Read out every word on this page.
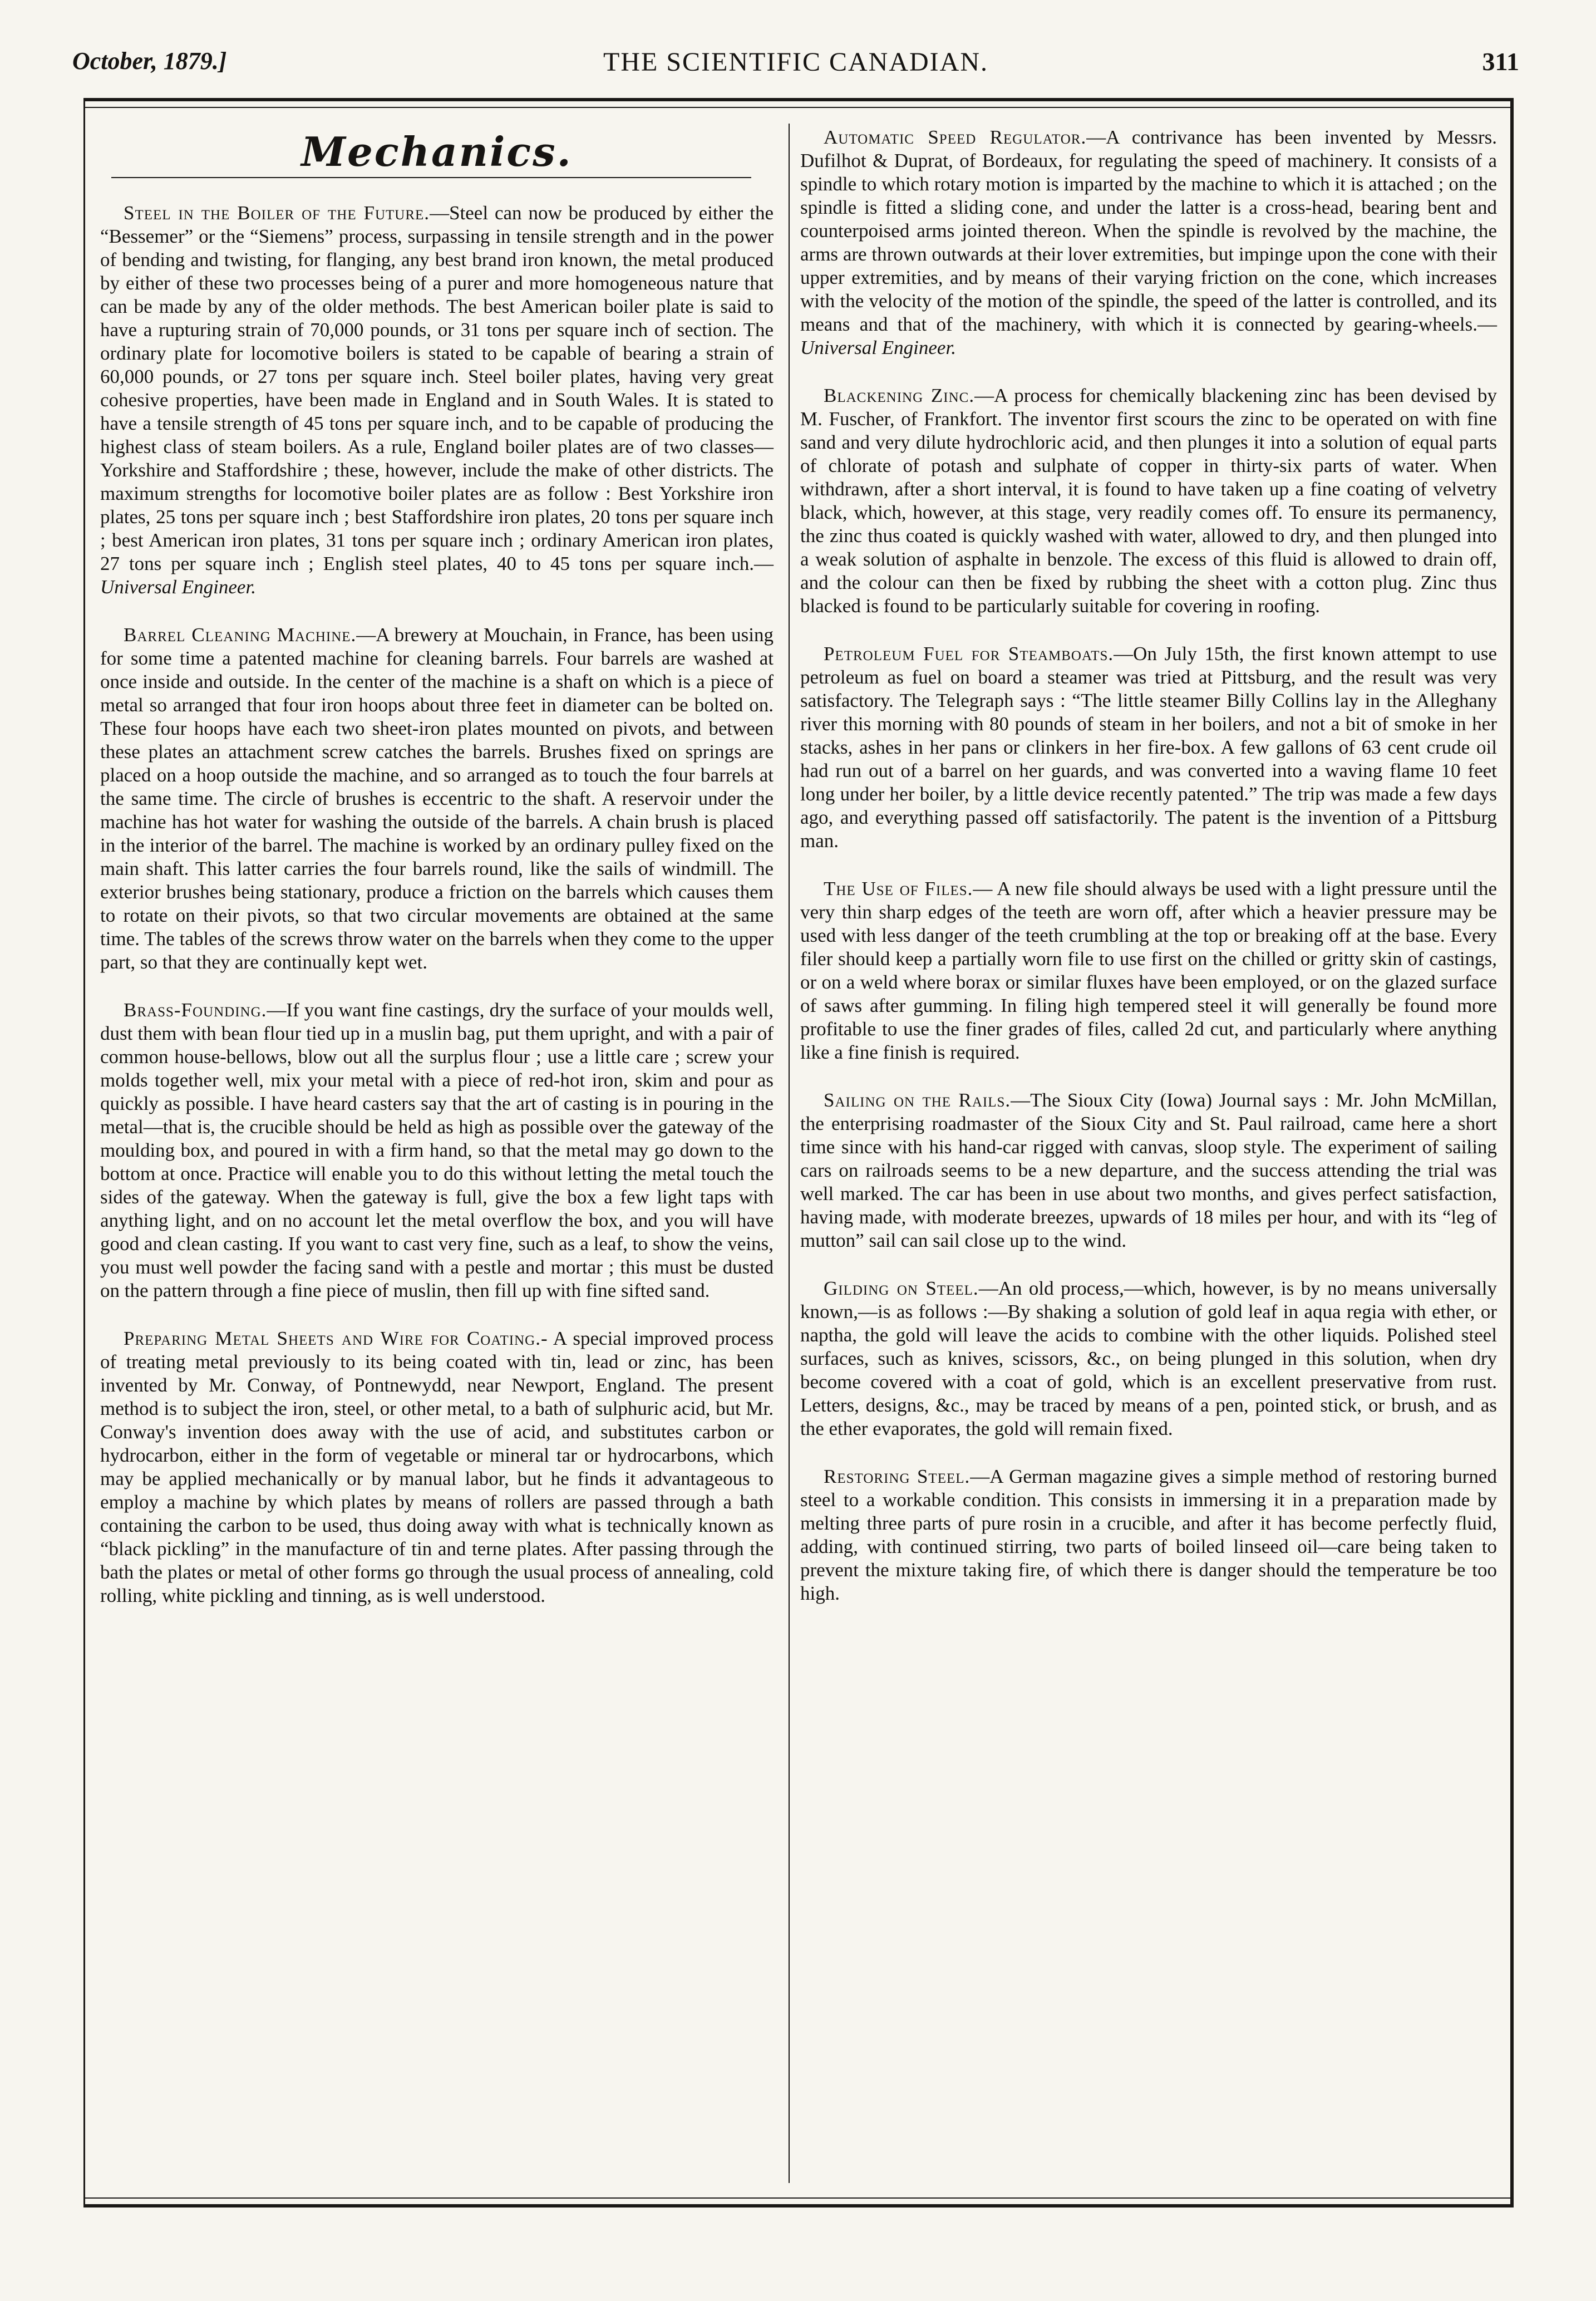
October, 1879.]	THE SCIENTIFIC CANADIAN.	311
Mechanics.

Steel in the Boiler of the Future.—Steel can now be produced by either the “Bessemer” or the “Siemens” process, surpassing in tensile strength and in the power of bending and twisting, for flanging, any best brand iron known, the metal produced by either of these two processes being of a purer and more homogeneous nature that can be made by any of the older methods. The best American boiler plate is said to have a rupturing strain of 70,000 pounds, or 31 tons per square inch of section. The ordinary plate for locomotive boilers is stated to be capable of bearing a strain of 60,000 pounds, or 27 tons per square inch. Steel boiler plates, having very great cohesive properties, have been made in England and in South Wales. It is stated to have a tensile strength of 45 tons per square inch, and to be capable of producing the highest class of steam boilers. As a rule, England boiler plates are of two classes—Yorkshire and Staffordshire ; these, however, include the make of other districts. The maximum strengths for locomotive boiler plates are as follow : Best Yorkshire iron plates, 25 tons per square inch ; best Staffordshire iron plates, 20 tons per square inch ; best American iron plates, 31 tons per square inch ; ordinary American iron plates, 27 tons per square inch ; English steel plates, 40 to 45 tons per square inch.—Universal Engineer.

Barrel Cleaning Machine.—A brewery at Mouchain, in France, has been using for some time a patented machine for cleaning barrels. Four barrels are washed at once inside and outside. In the center of the machine is a shaft on which is a piece of metal so arranged that four iron hoops about three feet in diameter can be bolted on. These four hoops have each two sheet-iron plates mounted on pivots, and between these plates an attachment screw catches the barrels. Brushes fixed on springs are placed on a hoop outside the machine, and so arranged as to touch the four barrels at the same time. The circle of brushes is eccentric to the shaft. A reservoir under the machine has hot water for washing the outside of the barrels. A chain brush is placed in the interior of the barrel. The machine is worked by an ordinary pulley fixed on the main shaft. This latter carries the four barrels round, like the sails of windmill. The exterior brushes being stationary, produce a friction on the barrels which causes them to rotate on their pivots, so that two circular movements are obtained at the same time. The tables of the screws throw water on the barrels when they come to the upper part, so that they are continually kept wet.

Brass-Founding.—If you want fine castings, dry the surface of your moulds well, dust them with bean flour tied up in a muslin bag, put them upright, and with a pair of common house-bellows, blow out all the surplus flour ; use a little care ; screw your molds together well, mix your metal with a piece of red-hot iron, skim and pour as quickly as possible. I have heard casters say that the art of casting is in pouring in the metal—that is, the crucible should be held as high as possible over the gateway of the moulding box, and poured in with a firm hand, so that the metal may go down to the bottom at once. Practice will enable you to do this without letting the metal touch the sides of the gateway. When the gateway is full, give the box a few light taps with anything light, and on no account let the metal overflow the box, and you will have good and clean casting. If you want to cast very fine, such as a leaf, to show the veins, you must well powder the facing sand with a pestle and mortar ; this must be dusted on the pattern through a fine piece of muslin, then fill up with fine sifted sand.

Preparing Metal Sheets and Wire for Coating.- A special improved process of treating metal previously to its being coated with tin, lead or zinc, has been invented by Mr. Conway, of Pontnewydd, near Newport, England. The present method is to subject the iron, steel, or other metal, to a bath of sulphuric acid, but Mr. Conway's invention does away with the use of acid, and substitutes carbon or hydrocarbon, either in the form of vegetable or mineral tar or hydrocarbons, which may be applied mechanically or by manual labor, but he finds it advantageous to employ a machine by which plates by means of rollers are passed through a bath containing the carbon to be used, thus doing away with what is technically known as “black pickling” in the manufacture of tin and terne plates. After passing through the bath the plates or metal of other forms go through the usual process of annealing, cold rolling, white pickling and tinning, as is well understood.

Automatic Speed Regulator.—A contrivance has been invented by Messrs. Dufilhot & Duprat, of Bordeaux, for regulating the speed of machinery. It consists of a spindle to which rotary motion is imparted by the machine to which it is attached ; on the spindle is fitted a sliding cone, and under the latter is a cross-head, bearing bent and counterpoised arms jointed thereon. When the spindle is revolved by the machine, the arms are thrown outwards at their lover extremities, but impinge upon the cone with their upper extremities, and by means of their varying friction on the cone, which increases with the velocity of the motion of the spindle, the speed of the latter is controlled, and its means and that of the machinery, with which it is connected by gearing-wheels.—Universal Engineer.

Blackening Zinc.—A process for chemically blackening zinc has been devised by M. Fuscher, of Frankfort. The inventor first scours the zinc to be operated on with fine sand and very dilute hydrochloric acid, and then plunges it into a solution of equal parts of chlorate of potash and sulphate of copper in thirty-six parts of water. When withdrawn, after a short interval, it is found to have taken up a fine coating of velvetry black, which, however, at this stage, very readily comes off. To ensure its permanency, the zinc thus coated is quickly washed with water, allowed to dry, and then plunged into a weak solution of asphalte in benzole. The excess of this fluid is allowed to drain off, and the colour can then be fixed by rubbing the sheet with a cotton plug. Zinc thus blacked is found to be particularly suitable for covering in roofing.

Petroleum Fuel for Steamboats.—On July 15th, the first known attempt to use petroleum as fuel on board a steamer was tried at Pittsburg, and the result was very satisfactory. The Telegraph says : “The little steamer Billy Collins lay in the Alleghany river this morning with 80 pounds of steam in her boilers, and not a bit of smoke in her stacks, ashes in her pans or clinkers in her fire-box. A few gallons of 63 cent crude oil had run out of a barrel on her guards, and was converted into a waving flame 10 feet long under her boiler, by a little device recently patented.” The trip was made a few days ago, and everything passed off satisfactorily. The patent is the invention of a Pittsburg man.

The Use of Files.— A new file should always be used with a light pressure until the very thin sharp edges of the teeth are worn off, after which a heavier pressure may be used with less danger of the teeth crumbling at the top or breaking off at the base. Every filer should keep a partially worn file to use first on the chilled or gritty skin of castings, or on a weld where borax or similar fluxes have been employed, or on the glazed surface of saws after gumming. In filing high tempered steel it will generally be found more profitable to use the finer grades of files, called 2d cut, and particularly where anything like a fine finish is required.

Sailing on the Rails.—The Sioux City (Iowa) Journal says : Mr. John McMillan, the enterprising roadmaster of the Sioux City and St. Paul railroad, came here a short time since with his hand-car rigged with canvas, sloop style. The experiment of sailing cars on railroads seems to be a new departure, and the success attending the trial was well marked. The car has been in use about two months, and gives perfect satisfaction, having made, with moderate breezes, upwards of 18 miles per hour, and with its “leg of mutton” sail can sail close up to the wind.

Gilding on Steel.—An old process,—which, however, is by no means universally known,—is as follows :—By shaking a solution of gold leaf in aqua regia with ether, or naptha, the gold will leave the acids to combine with the other liquids. Polished steel surfaces, such as knives, scissors, &c., on being plunged in this solution, when dry become covered with a coat of gold, which is an excellent preservative from rust. Letters, designs, &c., may be traced by means of a pen, pointed stick, or brush, and as the ether evaporates, the gold will remain fixed.

Restoring Steel.—A German magazine gives a simple method of restoring burned steel to a workable condition. This consists in immersing it in a preparation made by melting three parts of pure rosin in a crucible, and after it has become perfectly fluid, adding, with continued stirring, two parts of boiled linseed oil—care being taken to prevent the mixture taking fire, of which there is danger should the temperature be too high.
